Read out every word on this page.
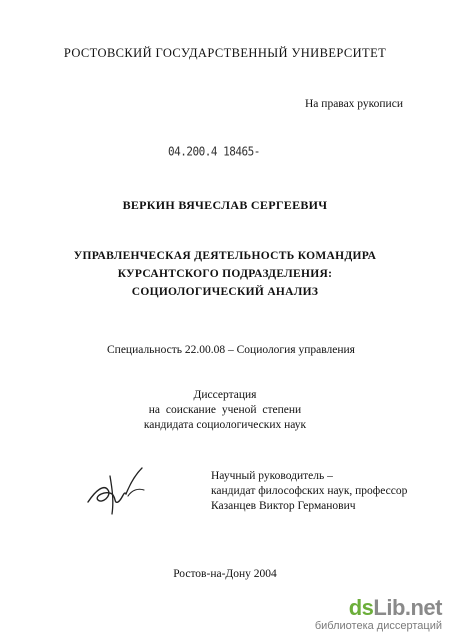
РОСТОВСКИЙ ГОСУДАРСТВЕННЫЙ УНИВЕРСИТЕТ
На правах рукописи
04.200.4 18465-
ВЕРКИН ВЯЧЕСЛАВ СЕРГЕЕВИЧ
УПРАВЛЕНЧЕСКАЯ ДЕЯТЕЛЬНОСТЬ КОМАНДИРА
КУРСАНТСКОГО ПОДРАЗДЕЛЕНИЯ:
СОЦИОЛОГИЧЕСКИЙ АНАЛИЗ
Специальность 22.00.08 – Социология управления
Диссертация
на соискание ученой степени
кандидата социологических наук
Научный руководитель –
кандидат философских наук, профессор
Казанцев Виктор Германович
Ростов-на-Дону 2004
dsLib.net
библиотека диссертаций
